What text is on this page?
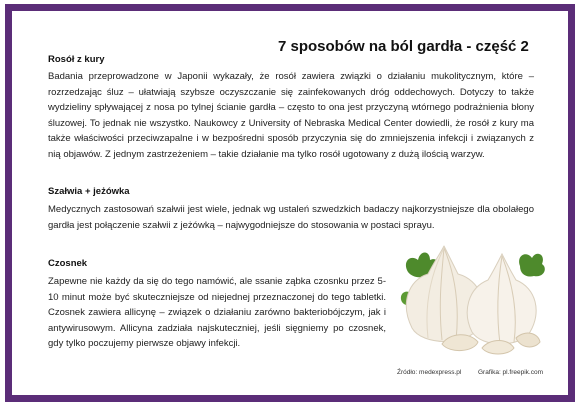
7 sposobów na ból gardła - część 2
Rosół z kury
Badania przeprowadzone w Japonii wykazały, że rosół zawiera związki o działaniu mukolitycznym, które – rozrzedzając śluz – ułatwiają szybsze oczyszczanie się zainfekowanych dróg oddechowych. Dotyczy to także wydzieliny spływającej z nosa po tylnej ścianie gardła – często to ona jest przyczyną wtórnego podrażnienia błony śluzowej. To jednak nie wszystko. Naukowcy z University of Nebraska Medical Center dowiedli, że rosół z kury ma także właściwości przeciwzapalne i w bezpośredni sposób przyczynia się do zmniejszenia infekcji i związanych z nią objawów. Z jednym zastrzeżeniem – takie działanie ma tylko rosół ugotowany z dużą ilością warzyw.
Szałwia + jeżówka
Medycznych zastosowań szałwii jest wiele, jednak wg ustaleń szwedzkich badaczy najkorzystniejsze dla obolałego gardła jest połączenie szałwii z jeżówką – najwygodniejsze do stosowania w postaci sprayu.
Czosnek
Zapewne nie każdy da się do tego namówić, ale ssanie ząbka czosnku przez 5-10 minut może być skuteczniejsze od niejednej przeznaczonej do tego tabletki. Czosnek zawiera allicynę – związek o działaniu zarówno bakteriobójczym, jak i antywirusowym. Allicyna zadziała najskuteczniej, jeśli sięgniemy po czosnek, gdy tylko poczujemy pierwsze objawy infekcji.
Źródło: medexpress.pl	Grafika: pl.freepik.com
